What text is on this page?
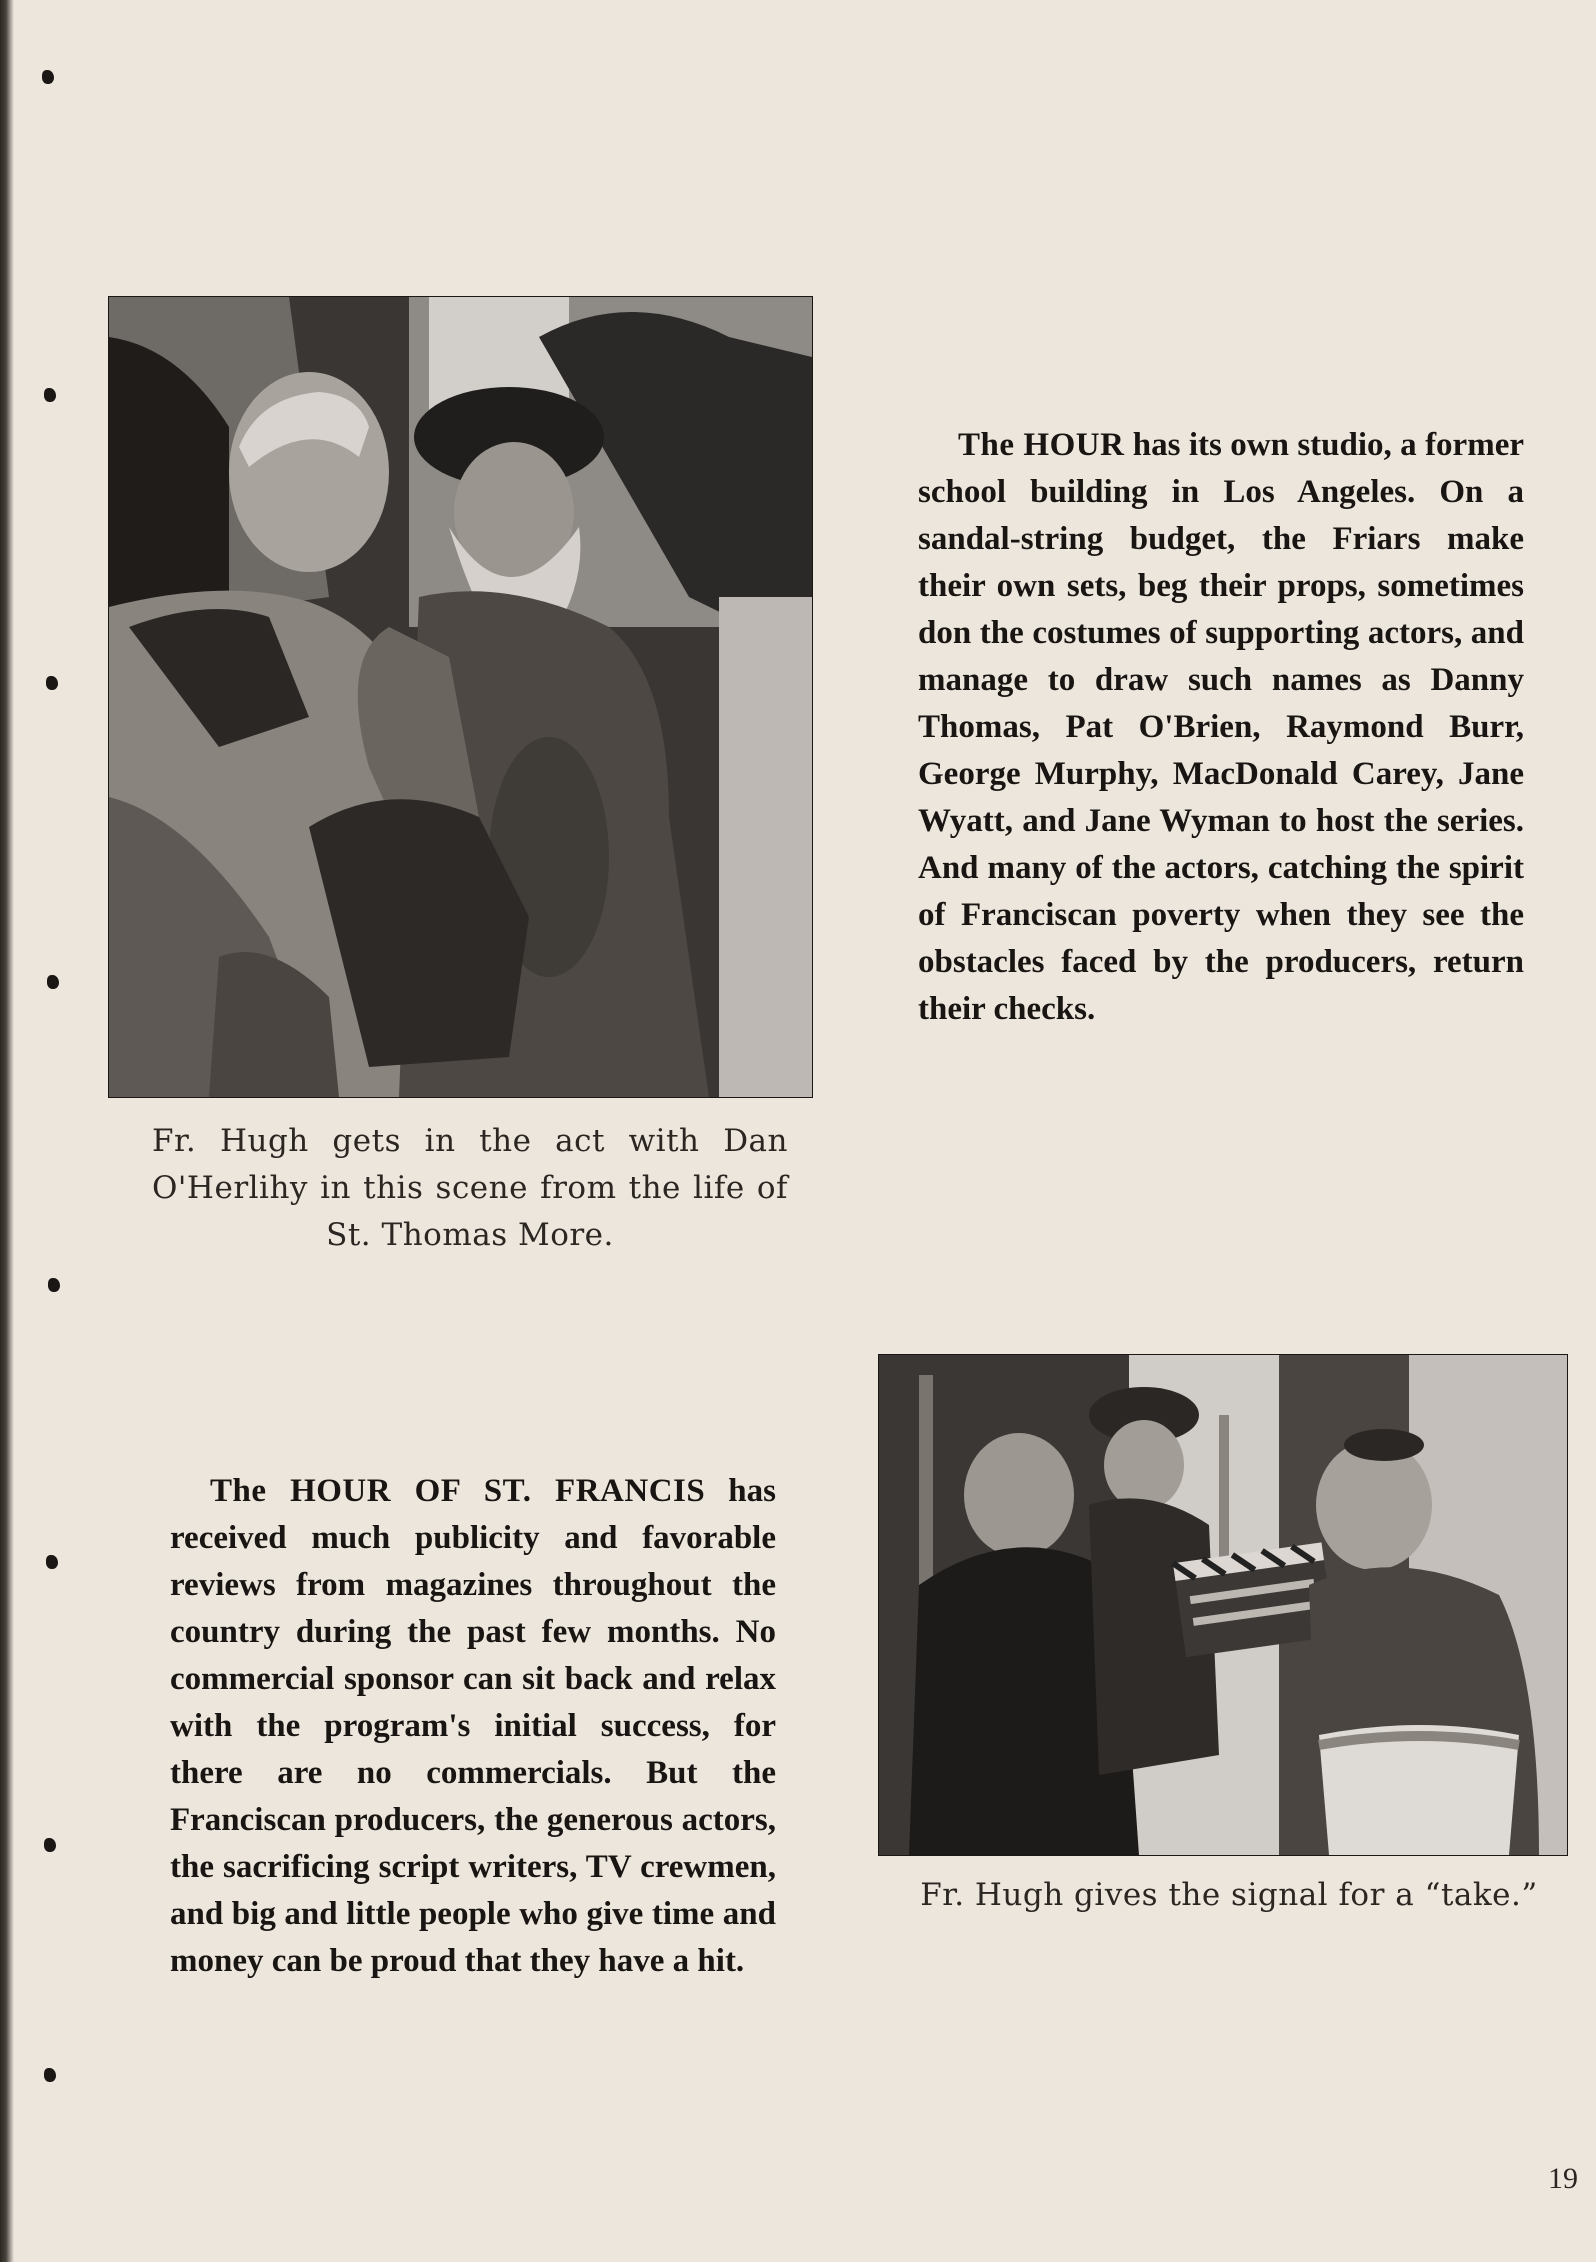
Fr. Hugh gets in the act with Dan O'Herlihy in this scene from the life of St. Thomas More.

The HOUR has its own studio, a former school building in Los Angeles. On a sandal-string budget, the Friars make their own sets, beg their props, sometimes don the costumes of supporting actors, and manage to draw such names as Danny Thomas, Pat O'Brien, Raymond Burr, George Murphy, MacDonald Carey, Jane Wyatt, and Jane Wyman to host the series. And many of the actors, catching the spirit of Franciscan poverty when they see the obstacles faced by the producers, return their checks.

The HOUR OF ST. FRANCIS has received much publicity and favorable reviews from magazines throughout the country during the past few months. No commercial sponsor can sit back and relax with the program's initial success, for there are no commercials. But the Franciscan producers, the generous actors, the sacrificing script writers, TV crewmen, and big and little people who give time and money can be proud that they have a hit.

Fr. Hugh gives the signal for a “take.”
19
